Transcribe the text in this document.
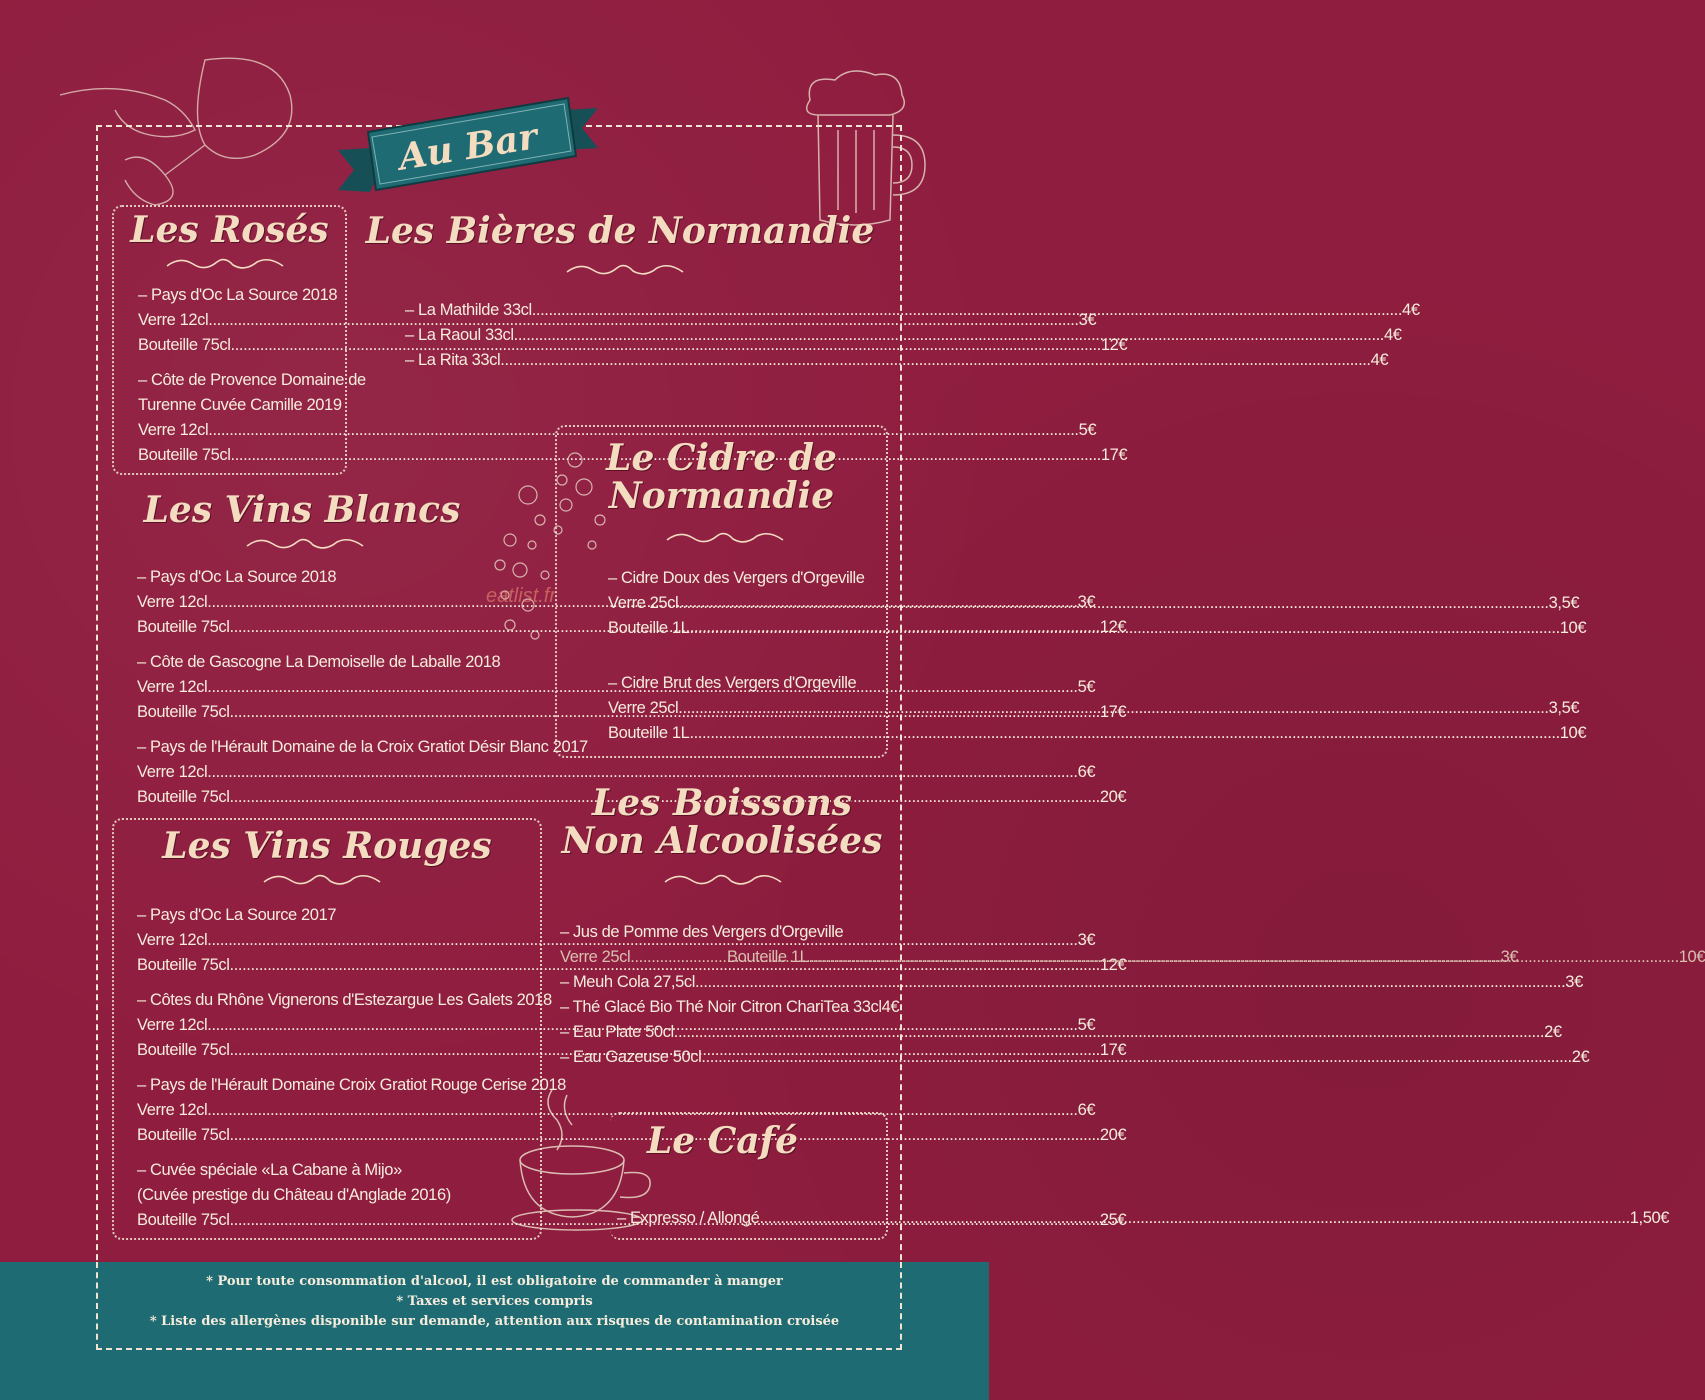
Au Bar
Les Rosés
– Pays d'Oc La Source 2018
Verre 12cl .....	3€
Bouteille 75cl .....	12€
– Côte de Provence Domaine de
Turenne Cuvée Camille 2019
Verre 12cl .....	5€
Bouteille 75cl .....	17€
Les Bières de Normandie
– La Mathilde 33cl .....	4€
– La Raoul 33cl .....	4€
– La Rita 33cl .....	4€
Les Vins Blancs
– Pays d'Oc La Source 2018
Verre 12cl .....	3€
Bouteille 75cl .....	12€
– Côte de Gascogne La Demoiselle de Laballe 2018
Verre 12cl .....	5€
Bouteille 75cl .....	17€
– Pays de l'Hérault Domaine de la Croix Gratiot Désir Blanc 2017
Verre 12cl .....	6€
Bouteille 75cl .....	20€
Le Cidre de
Normandie
– Cidre Doux des Vergers d'Orgeville
Verre 25cl .....	3,5€
Bouteille 1L .....	10€
– Cidre Brut des Vergers d'Orgeville
Verre 25cl .....	3,5€
Bouteille 1L .....	10€
eatlist.fr
Les Vins Rouges
– Pays d'Oc La Source 2017
Verre 12cl .....	3€
Bouteille 75cl .....	12€
– Côtes du Rhône Vignerons d'Estezargue Les Galets 2018
Verre 12cl .....	5€
Bouteille 75cl .....	17€
– Pays de l'Hérault Domaine Croix Gratiot Rouge Cerise 2018
Verre 12cl .....	6€
Bouteille 75cl .....	20€
– Cuvée spéciale «La Cabane à Mijo»
(Cuvée prestige du Château d'Anglade 2016)
Bouteille 75cl .....	25€
Les Boissons
Non Alcoolisées
– Jus de Pomme des Vergers d'Orgeville
Verre 25cl .....	3€
Bouteille 1L .....	10€
– Meuh Cola 27,5cl .....	3€
– Thé Glacé Bio Thé Noir Citron ChariTea 33cl 4€
– Eau Plate 50cl .....	2€
– Eau Gazeuse 50cl .....	2€
Le Café
– Expresso / Allongé .....	1,50€
* Pour toute consommation d'alcool, il est obligatoire de commander à manger
* Taxes et services compris
* Liste des allergènes disponible sur demande, attention aux risques de contamination croisée
